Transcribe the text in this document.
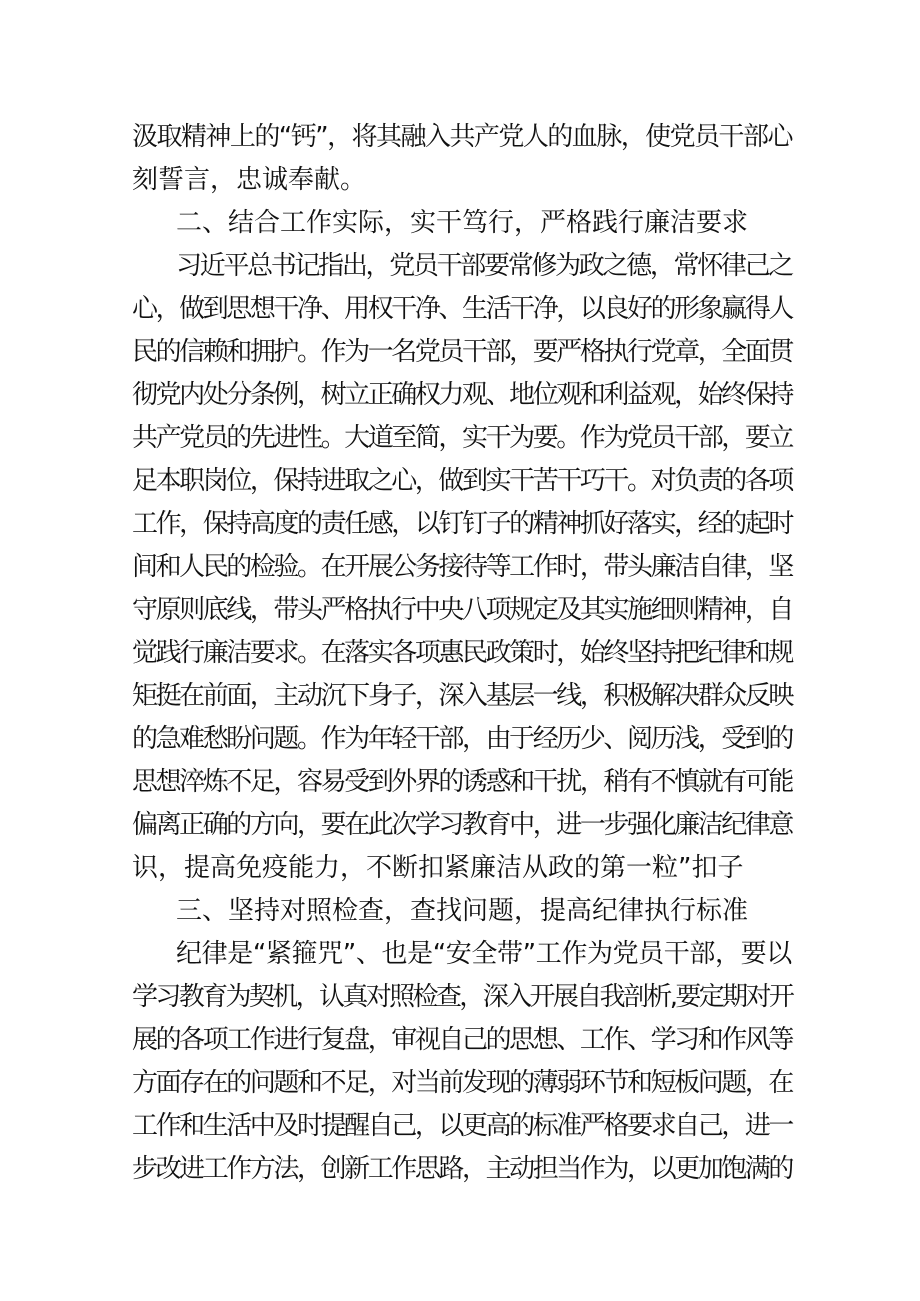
汲取精神上的“钙”，将其融入共产党人的血脉，使党员干部心
刻誓言，忠诚奉献。
二、结合工作实际，实干笃行，严格践行廉洁要求
习近平总书记指出，党员干部要常修为政之德，常怀律己之
心，做到思想干净、用权干净、生活干净，以良好的形象赢得人
民的信赖和拥护。作为一名党员干部，要严格执行党章，全面贯
彻党内处分条例，树立正确权力观、地位观和利益观，始终保持
共产党员的先进性。大道至简，实干为要。作为党员干部，要立
足本职岗位，保持进取之心，做到实干苦干巧干。对负责的各项
工作，保持高度的责任感，以钉钉子的精神抓好落实，经的起时
间和人民的检验。在开展公务接待等工作时，带头廉洁自律，坚
守原则底线，带头严格执行中央八项规定及其实施细则精神，自
觉践行廉洁要求。在落实各项惠民政策时，始终坚持把纪律和规
矩挺在前面，主动沉下身子，深入基层一线，积极解决群众反映
的急难愁盼问题。作为年轻干部，由于经历少、阅历浅，受到的
思想淬炼不足，容易受到外界的诱惑和干扰，稍有不慎就有可能
偏离正确的方向，要在此次学习教育中，进一步强化廉洁纪律意
识，提高免疫能力，不断扣紧廉洁从政的第一粒”扣子
三、坚持对照检查，查找问题，提高纪律执行标准
纪律是“紧箍咒”、也是“安全带”工作为党员干部，要以
学习教育为契机，认真对照检查，深入开展自我剖析,要定期对开
展的各项工作进行复盘，审视自己的思想、工作、学习和作风等
方面存在的问题和不足，对当前发现的薄弱环节和短板问题，在
工作和生活中及时提醒自己，以更高的标准严格要求自己，进一
步改进工作方法，创新工作思路，主动担当作为，以更加饱满的
